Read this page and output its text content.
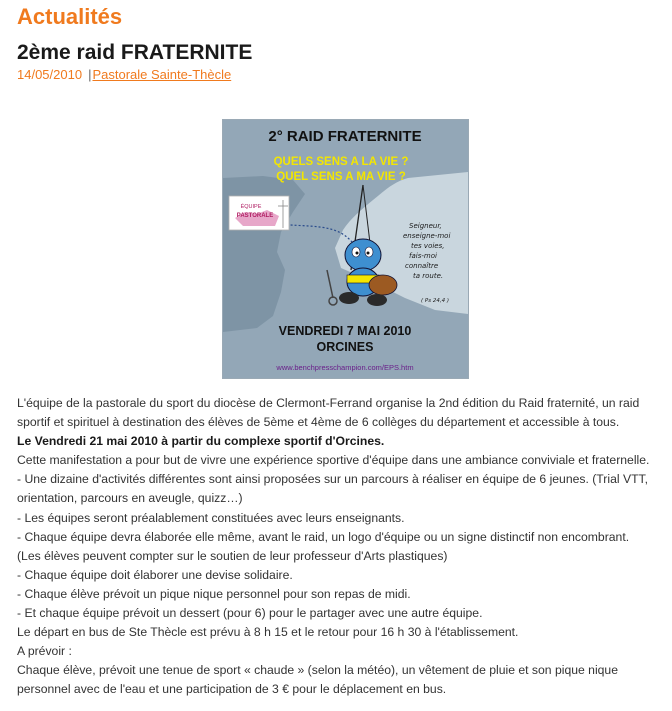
Actualités
2ème raid FRATERNITE
14/05/2010 |Pastorale Sainte-Thècle
2° RAID FRATERNITE
QUELS SENS A LA VIE ?
QUEL SENS A MA VIE ?
ÉQUIPE
PASTORALE
Seigneur,
enseigne-moi
tes voies,
fais-moi
connaître
ta route.
( Ps 24,4 )
VENDREDI 7 MAI 2010
ORCINES
www.benchpresschampion.com/EPS.htm

L'équipe de la pastorale du sport du diocèse de Clermont-Ferrand organise la 2nd édition du Raid fraternité, un raid

sportif et spirituel à destination des élèves de 5ème et 4ème de 6 collèges du département et accessible à tous.

Le Vendredi 21 mai 2010 à partir du complexe sportif d'Orcines.

Cette manifestation a pour but de vivre une expérience sportive d'équipe dans une ambiance conviviale et fraternelle.

- Une dizaine d'activités différentes sont ainsi proposées sur un parcours à réaliser en équipe de 6 jeunes. (Trial VTT,

orientation, parcours en aveugle, quizz…)

- Les équipes seront préalablement constituées avec leurs enseignants.

- Chaque équipe devra élaborée elle même, avant le raid, un logo d'équipe ou un signe distinctif non encombrant.

(Les élèves peuvent compter sur le soutien de leur professeur d'Arts plastiques)

- Chaque équipe doit élaborer une devise solidaire.

- Chaque élève prévoit un pique nique personnel pour son repas de midi.

- Et chaque équipe prévoit un dessert (pour 6) pour le partager avec une autre équipe.

Le départ en bus de Ste Thècle est prévu à 8 h 15 et le retour pour 16 h 30 à l'établissement.

A prévoir :

Chaque élève, prévoit une tenue de sport « chaude » (selon la météo), un vêtement de pluie et son pique nique

personnel avec de l'eau et une participation de 3 € pour le déplacement en bus.
